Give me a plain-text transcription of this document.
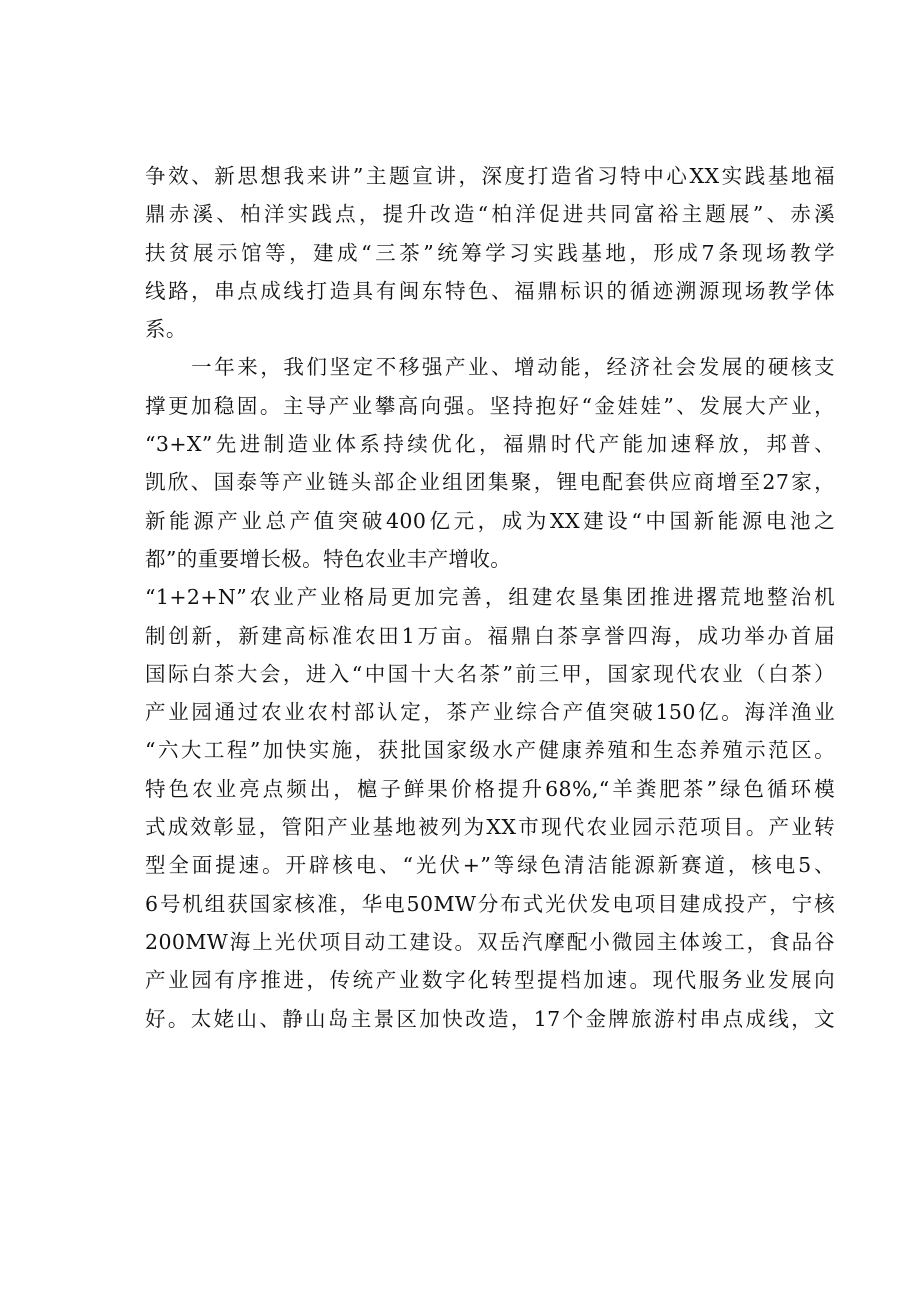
争效、新思想我来讲”主题宣讲，深度打造省习特中心XX实践基地福
鼎赤溪、柏洋实践点，提升改造“柏洋促进共同富裕主题展”、赤溪
扶贫展示馆等，建成“三茶”统筹学习实践基地，形成7条现场教学
线路，串点成线打造具有闽东特色、福鼎标识的循迹溯源现场教学体
系。
　　一年来，我们坚定不移强产业、增动能，经济社会发展的硬核支
撑更加稳固。主导产业攀高向强。坚持抱好“金娃娃”、发展大产业，
“3+X”先进制造业体系持续优化，福鼎时代产能加速释放，邦普、
凯欣、国泰等产业链头部企业组团集聚，锂电配套供应商增至27家，
新能源产业总产值突破400亿元，成为XX建设“中国新能源电池之
都”的重要增长极。特色农业丰产增收。
“1+2+N”农业产业格局更加完善，组建农垦集团推进撂荒地整治机
制创新，新建高标准农田1万亩。福鼎白茶享誉四海，成功举办首届
国际白茶大会，进入“中国十大名茶”前三甲，国家现代农业（白茶）
产业园通过农业农村部认定，茶产业综合产值突破150亿。海洋渔业
“六大工程”加快实施，获批国家级水产健康养殖和生态养殖示范区。
特色农业亮点频出，槴子鲜果价格提升68%,“羊粪肥茶”绿色循环模
式成效彰显，管阳产业基地被列为XX市现代农业园示范项目。产业转
型全面提速。开辟核电、“光伏+”等绿色清洁能源新赛道，核电5、
6号机组获国家核准，华电50MW分布式光伏发电项目建成投产，宁核
200MW海上光伏项目动工建设。双岳汽摩配小微园主体竣工，食品谷
产业园有序推进，传统产业数字化转型提档加速。现代服务业发展向
好。太姥山、静山岛主景区加快改造，17个金牌旅游村串点成线，文
